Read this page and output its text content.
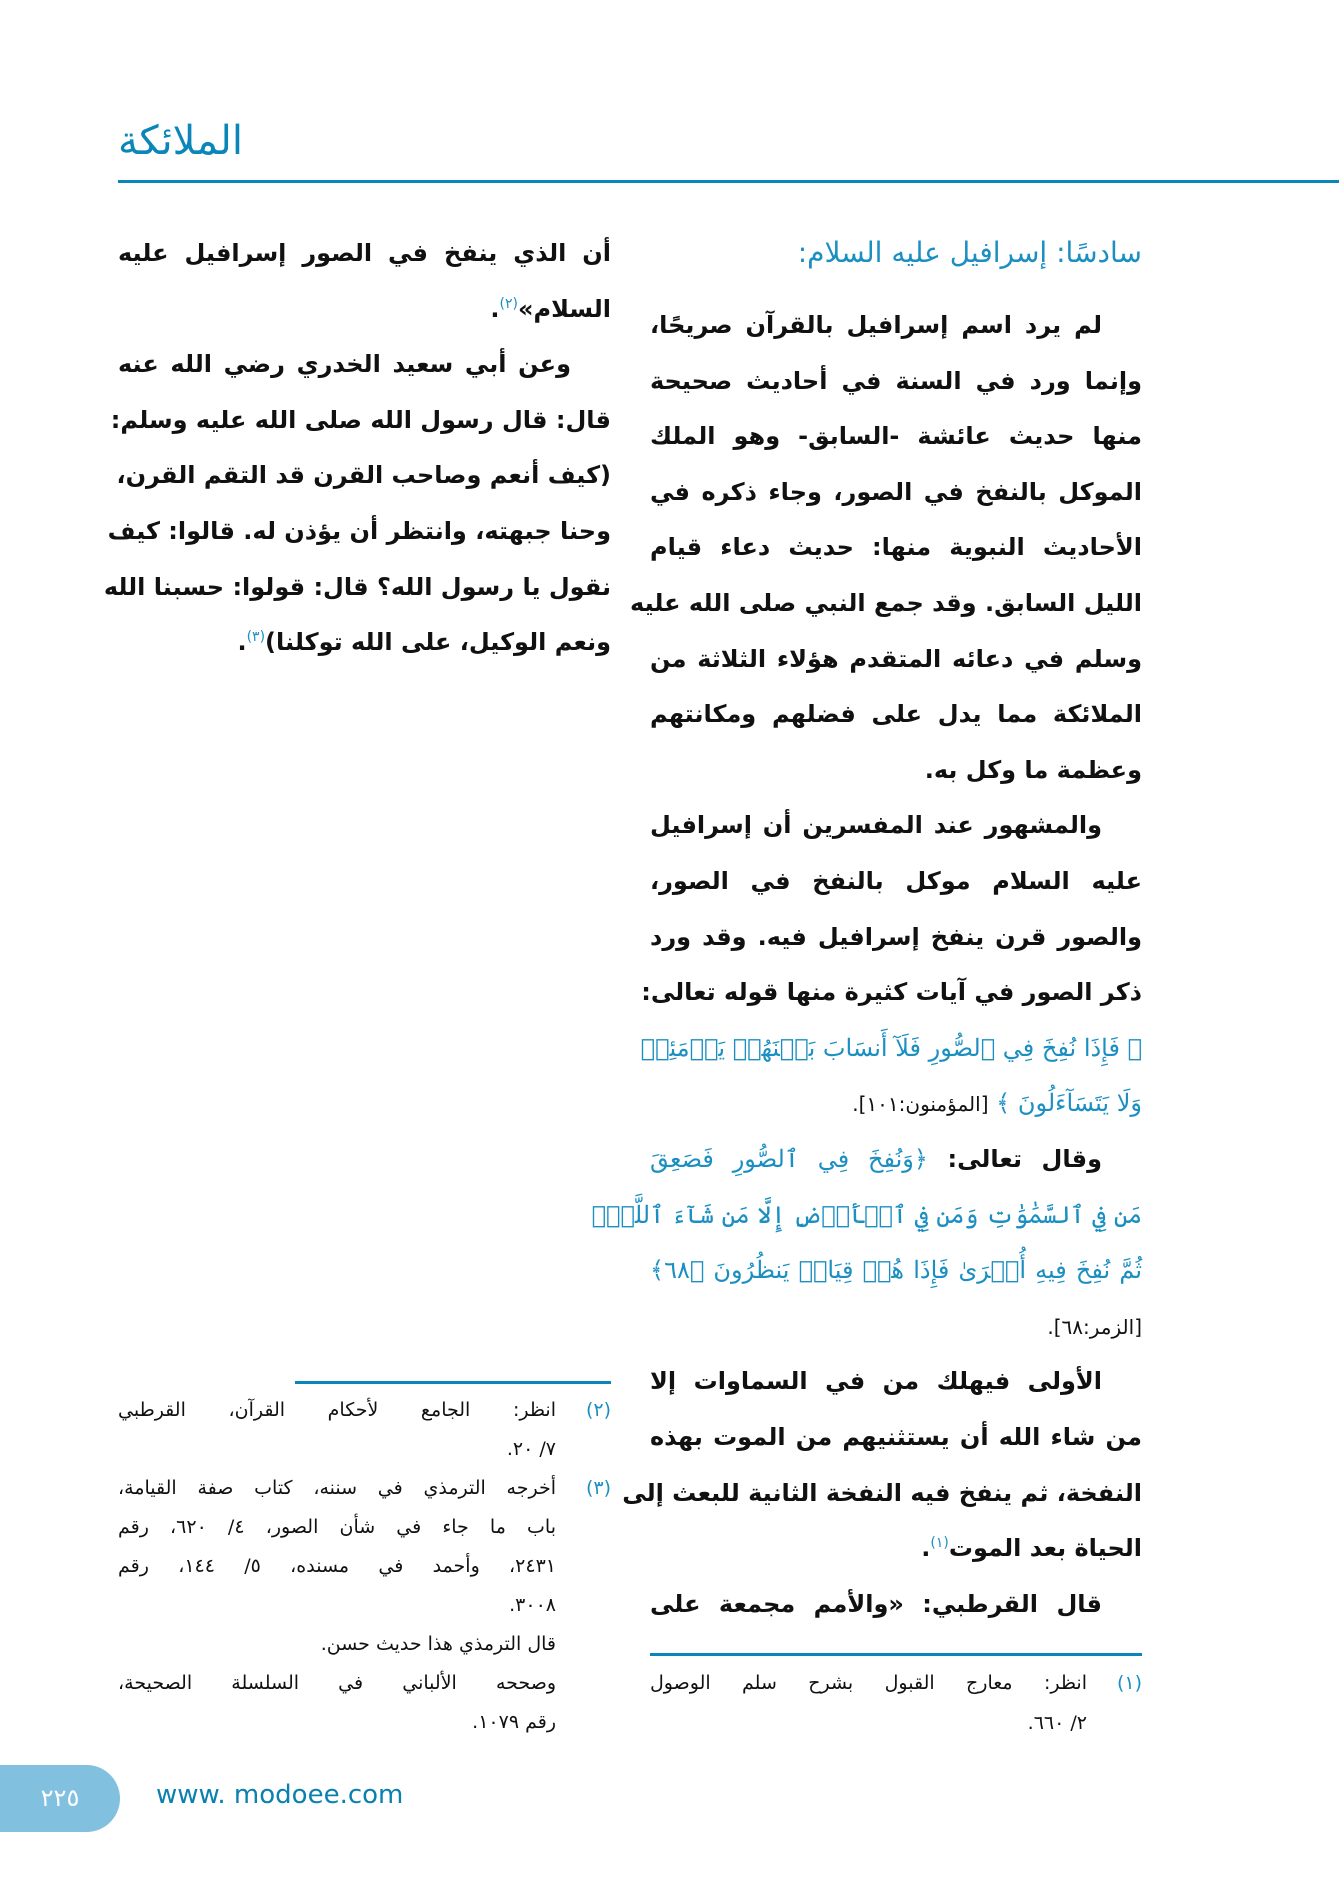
الملائكة
سادسًا: إسرافيل عليه السلام:
لم يرد اسم إسرافيل بالقرآن صريحًا،
وإنما ورد في السنة في أحاديث صحيحة
منها حديث عائشة -السابق- وهو الملك
الموكل بالنفخ في الصور، وجاء ذكره في
الأحاديث النبوية منها: حديث دعاء قيام
الليل السابق. وقد جمع النبي صلى الله عليه
وسلم في دعائه المتقدم هؤلاء الثلاثة من
الملائكة مما يدل على فضلهم ومكانتهم
وعظمة ما وكل به.
والمشهور عند المفسرين أن إسرافيل
عليه السلام موكل بالنفخ في الصور،
والصور قرن ينفخ إسرافيل فيه. وقد ورد
ذكر الصور في آيات كثيرة منها قوله تعالى:
﴿ فَإِذَا نُفِخَ فِي ٱلصُّورِ فَلَآ أَنسَابَ بَيۡنَهُمۡ يَوۡمَئِذٖ
وَلَا يَتَسَآءَلُونَ ﴾ [المؤمنون:١٠١].
وقال تعالى: ﴿وَنُفِخَ فِي ٱلصُّورِ فَصَعِقَ
مَن فِي ٱلسَّمَٰوَٰتِ وَمَن فِي ٱلۡأَرۡضِ إِلَّا مَن شَآءَ ٱللَّهُۖ
ثُمَّ نُفِخَ فِيهِ أُخۡرَىٰ فَإِذَا هُمۡ قِيَامٞ يَنظُرُونَ ﴿٦٨﴾
[الزمر:٦٨].
الأولى فيهلك من في السماوات إلا
من شاء الله أن يستثنيهم من الموت بهذه
النفخة، ثم ينفخ فيه النفخة الثانية للبعث إلى
الحياة بعد الموت$^{(١)}$.
قال القرطبي: «والأمم مجمعة على
(١)
انظر: معارج القبول بشرح سلم الوصول
٢/ ٦٦٠.
أن الذي ينفخ في الصور إسرافيل عليه
السلام»$^{(٢)}$.
وعن أبي سعيد الخدري رضي الله عنه
قال: قال رسول الله صلى الله عليه وسلم:
(كيف أنعم وصاحب القرن قد التقم القرن،
وحنا جبهته، وانتظر أن يؤذن له. قالوا: كيف
نقول يا رسول الله؟ قال: قولوا: حسبنا الله
ونعم الوكيل، على الله توكلنا)$^{(٣)}$.
(٢)
انظر: الجامع لأحكام القرآن، القرطبي
٧/ ٢٠.
(٣)
أخرجه الترمذي في سننه، كتاب صفة القيامة،
باب ما جاء في شأن الصور، ٤/ ٦٢٠، رقم
٢٤٣١، وأحمد في مسنده، ٥/ ١٤٤، رقم
٣٠٠٨.
قال الترمذي هذا حديث حسن.
وصححه الألباني في السلسلة الصحيحة،
رقم ١٠٧٩.
٢٢٥	www. modoee.com
